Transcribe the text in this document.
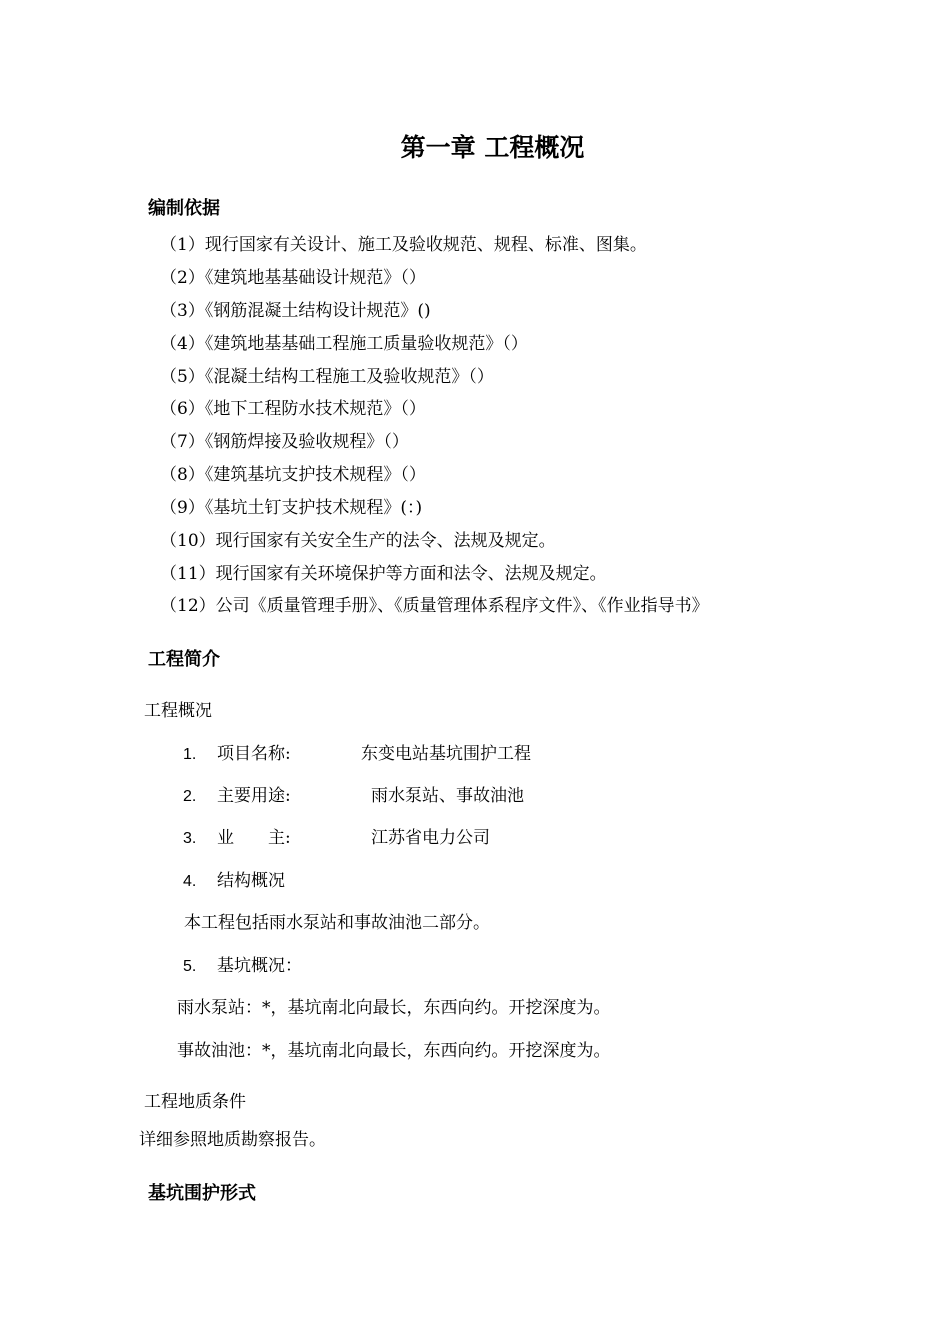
第一章 工程概况
编制依据
（1）现行国家有关设计、施工及验收规范、规程、标准、图集。
（2）《建筑地基基础设计规范》（）
（3）《钢筋混凝土结构设计规范》()
（4）《建筑地基基础工程施工质量验收规范》（）
（5）《混凝土结构工程施工及验收规范》（）
（6）《地下工程防水技术规范》（）
（7）《钢筋焊接及验收规程》（）
（8）《建筑基坑支护技术规程》（）
（9）《基坑土钉支护技术规程》(：)
（10）现行国家有关安全生产的法令、法规及规定。
（11）现行国家有关环境保护等方面和法令、法规及规定。
（12）公司《质量管理手册》、《质量管理体系程序文件》、《作业指导书》
工程简介
工程概况
1. 项目名称:	东变电站基坑围护工程
2. 主要用途:	雨水泵站、事故油池
3. 业　　主:	江苏省电力公司
4. 结构概况
本工程包括雨水泵站和事故油池二部分。
5. 基坑概况：
雨水泵站：*，基坑南北向最长，东西向约。开挖深度为。
事故油池：*，基坑南北向最长，东西向约。开挖深度为。
工程地质条件
详细参照地质勘察报告。
基坑围护形式
